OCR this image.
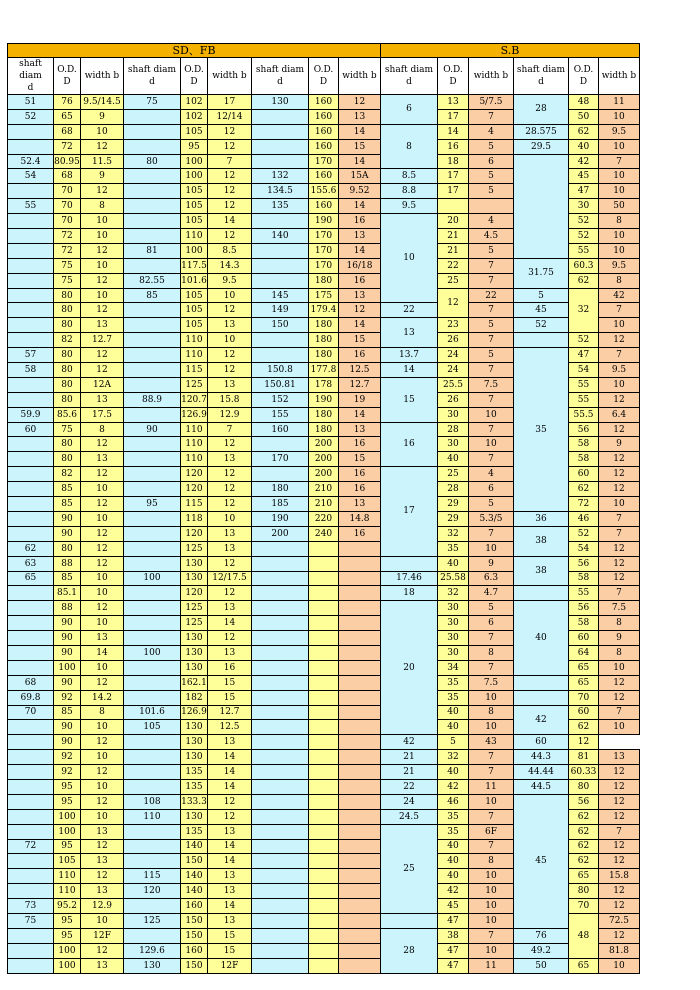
SD、FB									S.B					
shaft diam
d	O.D.
D	width b	shaft diam
d	O.D.
D	width b	shaft diam
d	O.D.
D	width b	shaft diam
d	O.D.
D	width b	shaft diam
d	O.D.
D	width b
51	76	9.5/14.5	75	102	17	130	160	12	6	13	5/7.5	28	48	11
52	65	9		102	12/14		160	13		17	7		50	10
	68	10		105	12		160	14	8	14	4	28.575	62	9.5
	72	12		95	12		160	15		16	5	29.5	40	10
52.4	80.95	11.5	80	100	7		170	14		18	6		42	7
54	68	9		100	12	132	160	15A	8.5	17	5		45	10
	70	12		105	12	134.5	155.6	9.52	8.8	17	5		47	10
55	70	8		105	12	135	160	14	9.5				30	50
	70	10		105	14		190	16	10	20	4		52	8
	72	10		110	12	140	170	13		21	4.5		52	10
	72	12	81	100	8.5		170	14		21	5		55	10
	75	10		117.5	14.3		170	16/18		22	7	31.75	60.3	9.5
	75	12	82.55	101.6	9.5		180	16		25	7		62	8
	80	10	85	105	10	145	175	13		12	22	5	32	42
	80	12		105	12	149	179.4	12	22		7	45		7
	80	13		105	13	150	180	14	13	23	5	52		10
	82	12.7		110	10		180	15		26	7		52	12
57	80	12		110	12		180	16	13.7	24	5	35	47	7
58	80	12		115	12	150.8	177.8	12.5	14	24	7		54	9.5
	80	12A		125	13	150.81	178	12.7	15	25.5	7.5		55	10
	80	13	88.9	120.7	15.8	152	190	19		26	7		55	12
59.9	85.6	17.5		126.9	12.9	155	180	14		30	10		55.5	6.4
60	75	8	90	110	7	160	180	13	16	28	7		56	12
	80	12		110	12		200	16		30	10		58	9
	80	13		110	13	170	200	15		40	7		58	12
	82	12		120	12		200	16	17	25	4		60	12
	85	10		120	12	180	210	16		28	6		62	12
	85	12	95	115	12	185	210	13		29	5		72	10
	90	10		118	10	190	220	14.8		29	5.3/5	36	46	7
	90	12		120	13	200	240	16		32	7	38	52	7
62	80	12		125	13					35	10		54	12
63	88	12		130	12					40	9	38	56	12
65	85	10	100	130	12/17.5				17.46	25.58	6.3		58	12
	85.1	10		120	12				18	32	4.7		55	7
	88	12		125	13				20	30	5	40	56	7.5
	90	10		125	14					30	6		58	8
	90	13		130	12					30	7		60	9
	90	14	100	130	13					30	8		64	8
	100	10		130	16					34	7		65	10
68	90	12		162.1	15					35	7.5		65	12
69.8	92	14.2		182	15					35	10		70	12
70	85	8	101.6	126.9	12.7					40	8	42	60	7
	90	10	105	130	12.5					40	10		62	10
	90	12		130	13				42	5	43	60	12	
	92	10		130	14				21	32	7	44.3	81	13
	92	12		135	14				21	40	7	44.44	60.33	12
	95	10		135	14				22	42	11	44.5	80	12
	95	12	108	133.3	12				24	46	10	45	56	12
	100	10	110	130	12				24.5	35	7		62	12
	100	13		135	13				25	35	6F		62	7
72	95	12		140	14					40	7		62	12
	105	13		150	14					40	8		62	12
	110	12	115	140	13					40	10		65	15.8
	110	13	120	140	13					42	10		80	12
73	95.2	12.9		160	14					45	10		70	12
75	95	10	125	150	13					47	10		48	72.5
	95	12F		150	15				28	38	7	76		12
	100	12	129.6	160	15					47	10	49.2		81.8
	100	13	130	150	12F					47	11	50	65	10
